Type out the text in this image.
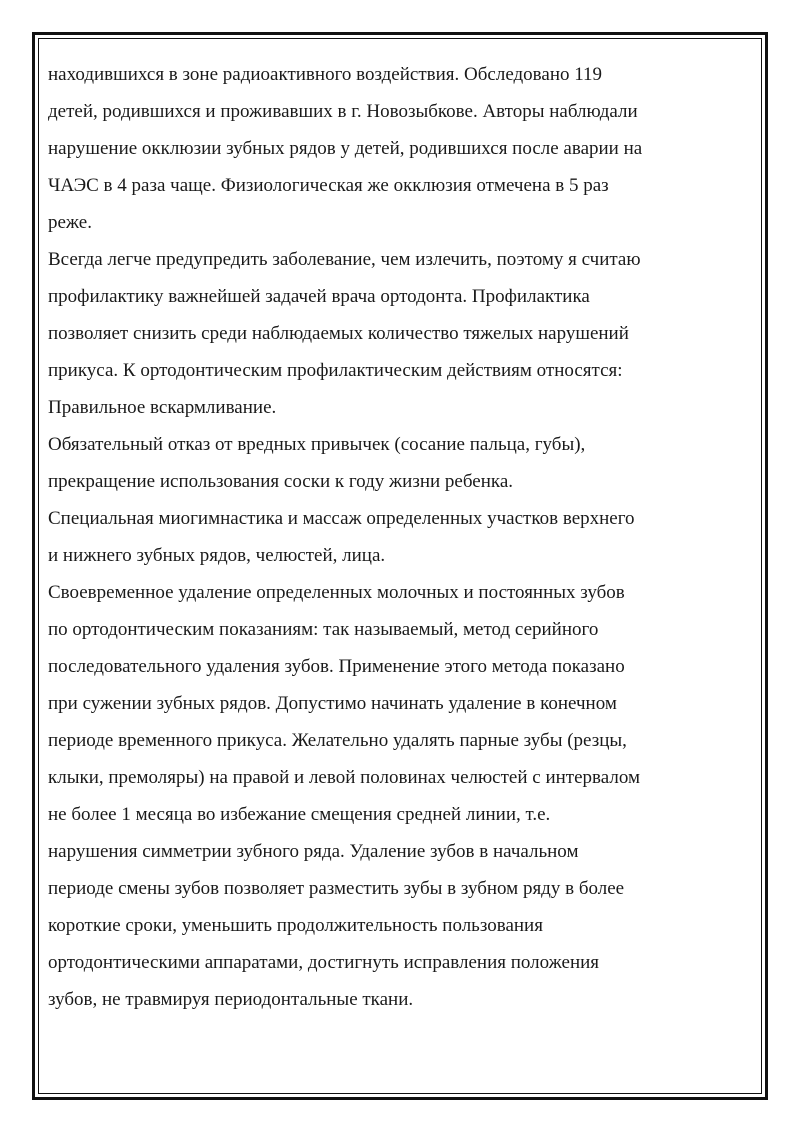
находившихся в зоне радиоактивного воздействия. Обследовано 119
детей, родившихся и проживавших в г. Новозыбкове. Авторы наблюдали
нарушение окклюзии зубных рядов у детей, родившихся после аварии на
ЧАЭС в 4 раза чаще. Физиологическая же окклюзия отмечена в 5 раз
реже.
Всегда легче предупредить заболевание, чем излечить, поэтому я считаю
профилактику важнейшей задачей врача ортодонта. Профилактика
позволяет снизить среди наблюдаемых количество тяжелых нарушений
прикуса. К ортодонтическим профилактическим действиям относятся:
Правильное вскармливание.
Обязательный отказ от вредных привычек (сосание пальца, губы),
прекращение использования соски к году жизни ребенка.
Специальная миогимнастика и массаж определенных участков верхнего
и нижнего зубных рядов, челюстей, лица.
Своевременное удаление определенных молочных и постоянных зубов
по ортодонтическим показаниям: так называемый, метод серийного
последовательного удаления зубов. Применение этого метода показано
при сужении зубных рядов. Допустимо начинать удаление в конечном
периоде временного прикуса. Желательно удалять парные зубы (резцы,
клыки, премоляры) на правой и левой половинах челюстей с интервалом
не более 1 месяца во избежание смещения средней линии, т.е.
нарушения симметрии зубного ряда. Удаление зубов в начальном
периоде смены зубов позволяет разместить зубы в зубном ряду в более
короткие сроки, уменьшить продолжительность пользования
ортодонтическими аппаратами, достигнуть исправления положения
зубов, не травмируя периодонтальные ткани.
